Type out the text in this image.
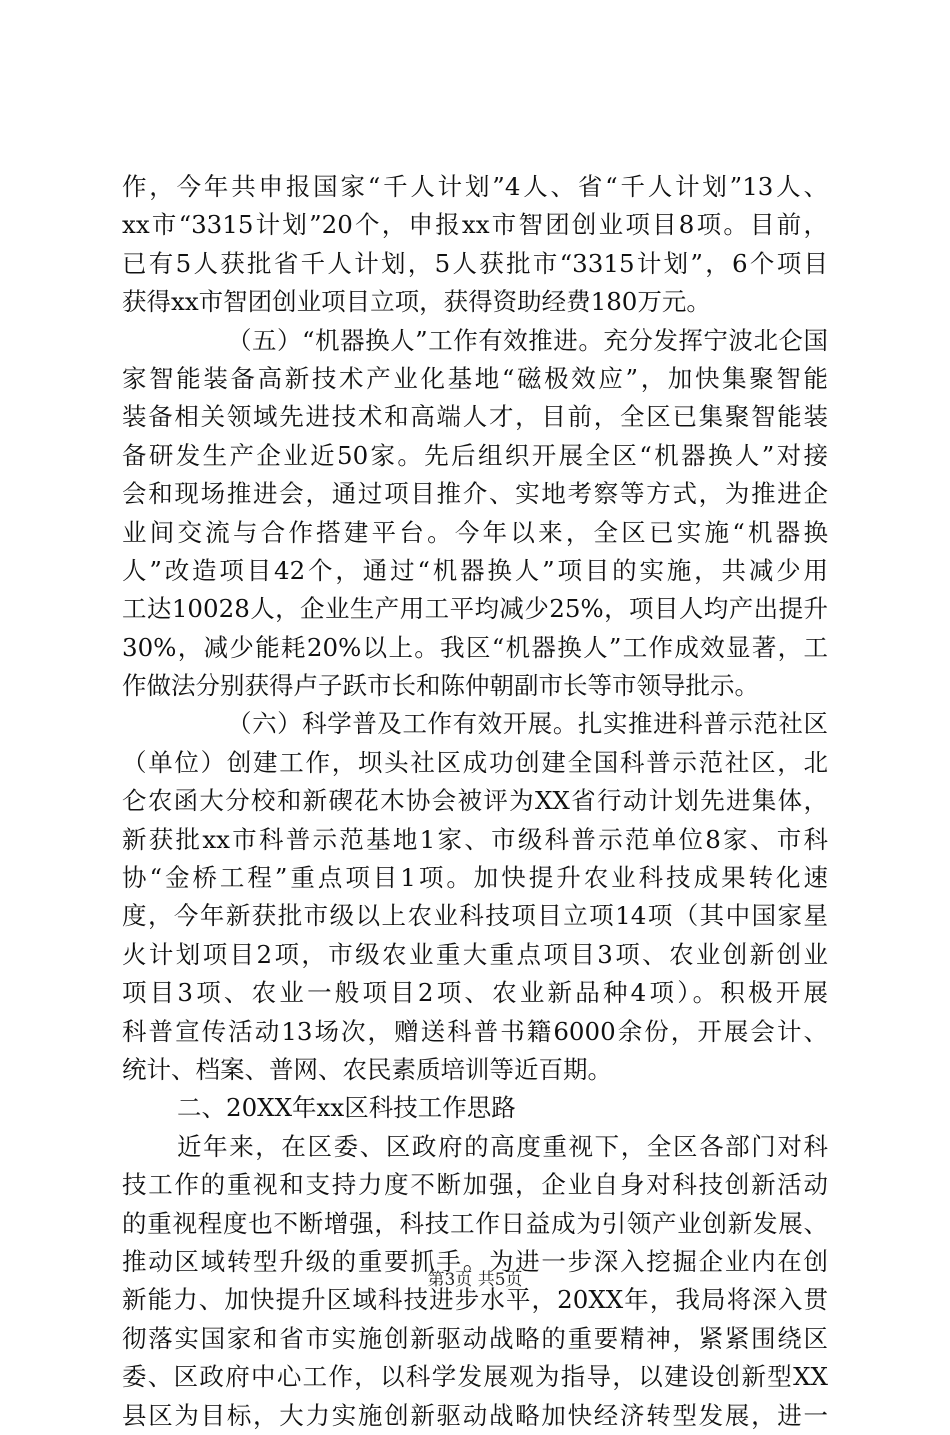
作，今年共申报国家“千人计划”4人、省“千人计划”13人、
xx市“3315计划”20个，申报xx市智团创业项目8项。目前，
已有5人获批省千人计划，5人获批市“3315计划”，6个项目
获得xx市智团创业项目立项，获得资助经费180万元。
（五）“机器换人”工作有效推进。充分发挥宁波北仑国
家智能装备高新技术产业化基地“磁极效应”，加快集聚智能
装备相关领域先进技术和高端人才，目前，全区已集聚智能装
备研发生产企业近50家。先后组织开展全区“机器换人”对接
会和现场推进会，通过项目推介、实地考察等方式，为推进企
业间交流与合作搭建平台。今年以来，全区已实施“机器换
人”改造项目42个，通过“机器换人”项目的实施，共减少用
工达10028人，企业生产用工平均减少25%，项目人均产出提升
30%，减少能耗20%以上。我区“机器换人”工作成效显著，工
作做法分别获得卢子跃市长和陈仲朝副市长等市领导批示。
（六）科学普及工作有效开展。扎实推进科普示范社区
（单位）创建工作，坝头社区成功创建全国科普示范社区，北
仑农函大分校和新碶花木协会被评为XX省行动计划先进集体，
新获批xx市科普示范基地1家、市级科普示范单位8家、市科
协“金桥工程”重点项目1项。加快提升农业科技成果转化速
度，今年新获批市级以上农业科技项目立项14项（其中国家星
火计划项目2项，市级农业重大重点项目3项、农业创新创业
项目3项、农业一般项目2项、农业新品种4项）。积极开展
科普宣传活动13场次，赠送科普书籍6000余份，开展会计、
统计、档案、普网、农民素质培训等近百期。
二、20XX年xx区科技工作思路
近年来，在区委、区政府的高度重视下，全区各部门对科
技工作的重视和支持力度不断加强，企业自身对科技创新活动
的重视程度也不断增强，科技工作日益成为引领产业创新发展、
推动区域转型升级的重要抓手。为进一步深入挖掘企业内在创
新能力、加快提升区域科技进步水平，20XX年，我局将深入贯
彻落实国家和省市实施创新驱动战略的重要精神，紧紧围绕区
委、区政府中心工作，以科学发展观为指导，以建设创新型XX
县区为目标，大力实施创新驱动战略加快经济转型发展，进一
第3页 共5页
